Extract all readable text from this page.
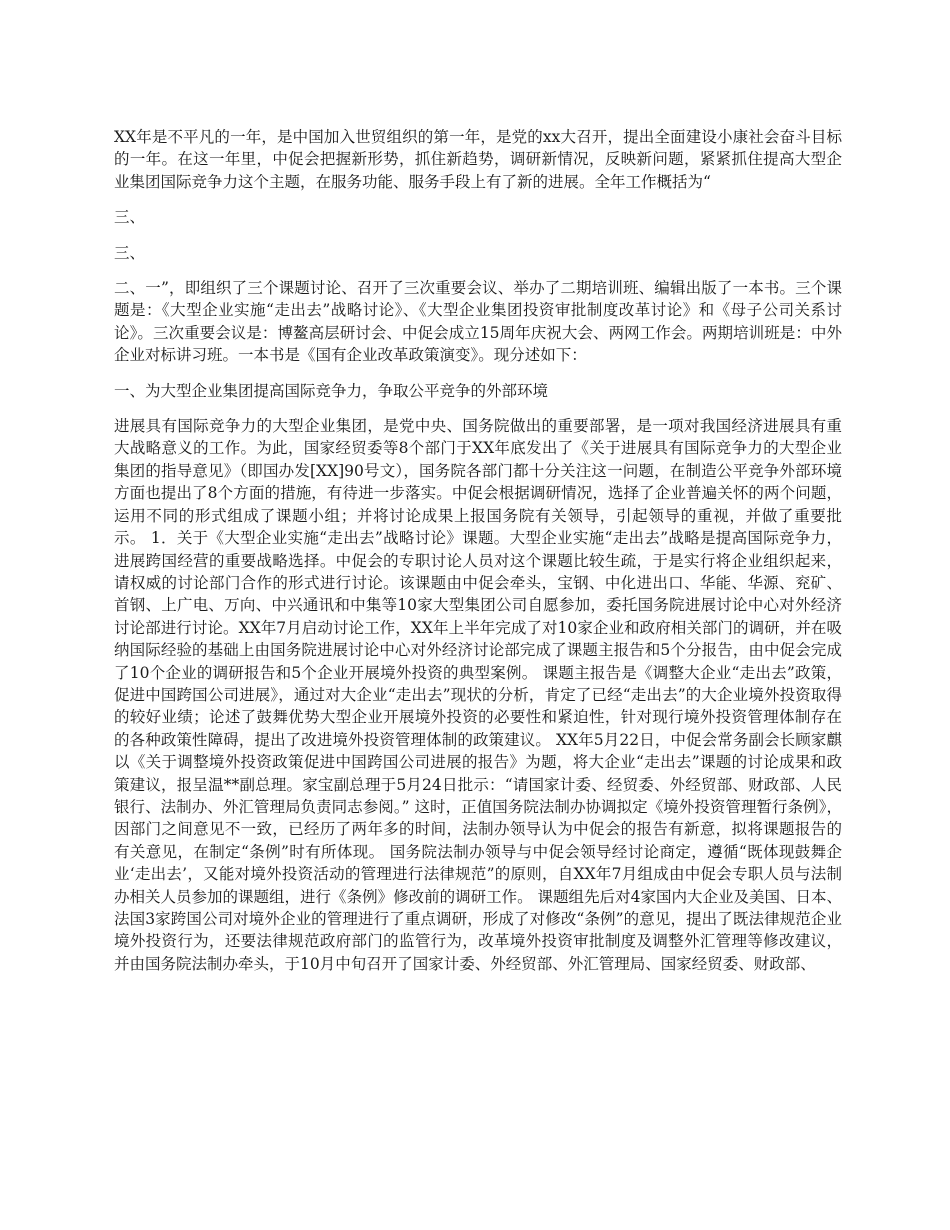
XX年是不平凡的一年，是中国加入世贸组织的第一年，是党的xx大召开，提出全面建设小康社会奋斗目标的一年。在这一年里，中促会把握新形势，抓住新趋势，调研新情况，反映新问题，紧紧抓住提高大型企业集团国际竞争力这个主题，在服务功能、服务手段上有了新的进展。全年工作概括为“

三、

三、

二、一”，即组织了三个课题讨论、召开了三次重要会议、举办了二期培训班、编辑出版了一本书。三个课题是：《大型企业实施“走出去”战略讨论》、《大型企业集团投资审批制度改革讨论》和《母子公司关系讨论》。三次重要会议是：博鳌高层研讨会、中促会成立15周年庆祝大会、两网工作会。两期培训班是：中外企业对标讲习班。一本书是《国有企业改革政策演变》。现分述如下：

一、为大型企业集团提高国际竞争力，争取公平竞争的外部环境

进展具有国际竞争力的大型企业集团，是党中央、国务院做出的重要部署，是一项对我国经济进展具有重大战略意义的工作。为此，国家经贸委等8个部门于XX年底发出了《关于进展具有国际竞争力的大型企业集团的指导意见》（即国办发[XX]90号文），国务院各部门都十分关注这一问题，在制造公平竞争外部环境方面也提出了8个方面的措施，有待进一步落实。中促会根据调研情况，选择了企业普遍关怀的两个问题，运用不同的形式组成了课题小组；并将讨论成果上报国务院有关领导，引起领导的重视，并做了重要批示。 1．关于《大型企业实施“走出去”战略讨论》课题。大型企业实施“走出去”战略是提高国际竞争力，进展跨国经营的重要战略选择。中促会的专职讨论人员对这个课题比较生疏，于是实行将企业组织起来，请权威的讨论部门合作的形式进行讨论。该课题由中促会牵头，宝钢、中化进出口、华能、华源、兖矿、首钢、上广电、万向、中兴通讯和中集等10家大型集团公司自愿参加，委托国务院进展讨论中心对外经济讨论部进行讨论。XX年7月启动讨论工作，XX年上半年完成了对10家企业和政府相关部门的调研，并在吸纳国际经验的基础上由国务院进展讨论中心对外经济讨论部完成了课题主报告和5个分报告，由中促会完成了10个企业的调研报告和5个企业开展境外投资的典型案例。 课题主报告是《调整大企业“走出去”政策，促进中国跨国公司进展》，通过对大企业“走出去”现状的分析，肯定了已经“走出去”的大企业境外投资取得的较好业绩；论述了鼓舞优势大型企业开展境外投资的必要性和紧迫性，针对现行境外投资管理体制存在的各种政策性障碍，提出了改进境外投资管理体制的政策建议。 XX年5月22日，中促会常务副会长顾家麒以《关于调整境外投资政策促进中国跨国公司进展的报告》为题，将大企业“走出去”课题的讨论成果和政策建议，报呈温**副总理。家宝副总理于5月24日批示：“请国家计委、经贸委、外经贸部、财政部、人民银行、法制办、外汇管理局负责同志参阅。” 这时，正值国务院法制办协调拟定《境外投资管理暂行条例》，因部门之间意见不一致，已经历了两年多的时间，法制办领导认为中促会的报告有新意，拟将课题报告的有关意见，在制定“条例”时有所体现。 国务院法制办领导与中促会领导经讨论商定，遵循“既体现鼓舞企业‘走出去’，又能对境外投资活动的管理进行法律规范”的原则，自XX年7月组成由中促会专职人员与法制办相关人员参加的课题组，进行《条例》修改前的调研工作。 课题组先后对4家国内大企业及美国、日本、法国3家跨国公司对境外企业的管理进行了重点调研，形成了对修改“条例”的意见，提出了既法律规范企业境外投资行为，还要法律规范政府部门的监管行为，改革境外投资审批制度及调整外汇管理等修改建议，并由国务院法制办牵头，于10月中旬召开了国家计委、外经贸部、外汇管理局、国家经贸委、财政部、
